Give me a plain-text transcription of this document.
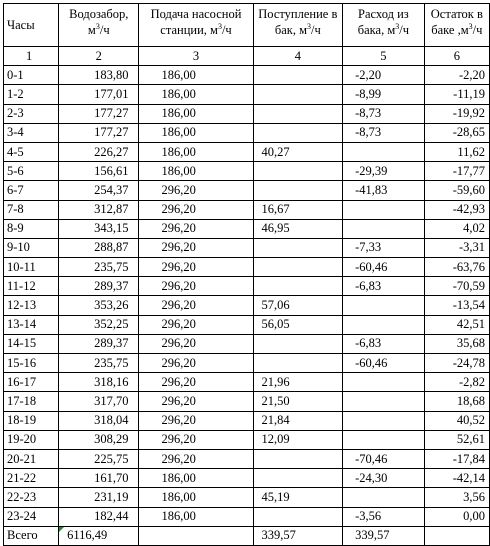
Часы	Водозабор, $м^3/ч$	Подача насосной станции, $м^3/ч$	Поступление в бак, $м^3/ч$	Расход из бака, $м^3/ч$	Остаток в баке $,м^3/ч$
1	2	3	4	5	6
0-1	183,80	186,00		-2,20	-2,20
1-2	177,01	186,00		-8,99	-11,19
2-3	177,27	186,00		-8,73	-19,92
3-4	177,27	186,00		-8,73	-28,65
4-5	226,27	186,00	40,27		11,62
5-6	156,61	186,00		-29,39	-17,77
6-7	254,37	296,20		-41,83	-59,60
7-8	312,87	296,20	16,67		-42,93
8-9	343,15	296,20	46,95		4,02
9-10	288,87	296,20		-7,33	-3,31
10-11	235,75	296,20		-60,46	-63,76
11-12	289,37	296,20		-6,83	-70,59
12-13	353,26	296,20	57,06		-13,54
13-14	352,25	296,20	56,05		42,51
14-15	289,37	296,20		-6,83	35,68
15-16	235,75	296,20		-60,46	-24,78
16-17	318,16	296,20	21,96		-2,82
17-18	317,70	296,20	21,50		18,68
18-19	318,04	296,20	21,84		40,52
19-20	308,29	296,20	12,09		52,61
20-21	225,75	296,20		-70,46	-17,84
21-22	161,70	186,00		-24,30	-42,14
22-23	231,19	186,00	45,19		3,56
23-24	182,44	186,00		-3,56	0,00
Всего	6116,49		339,57	339,57	
